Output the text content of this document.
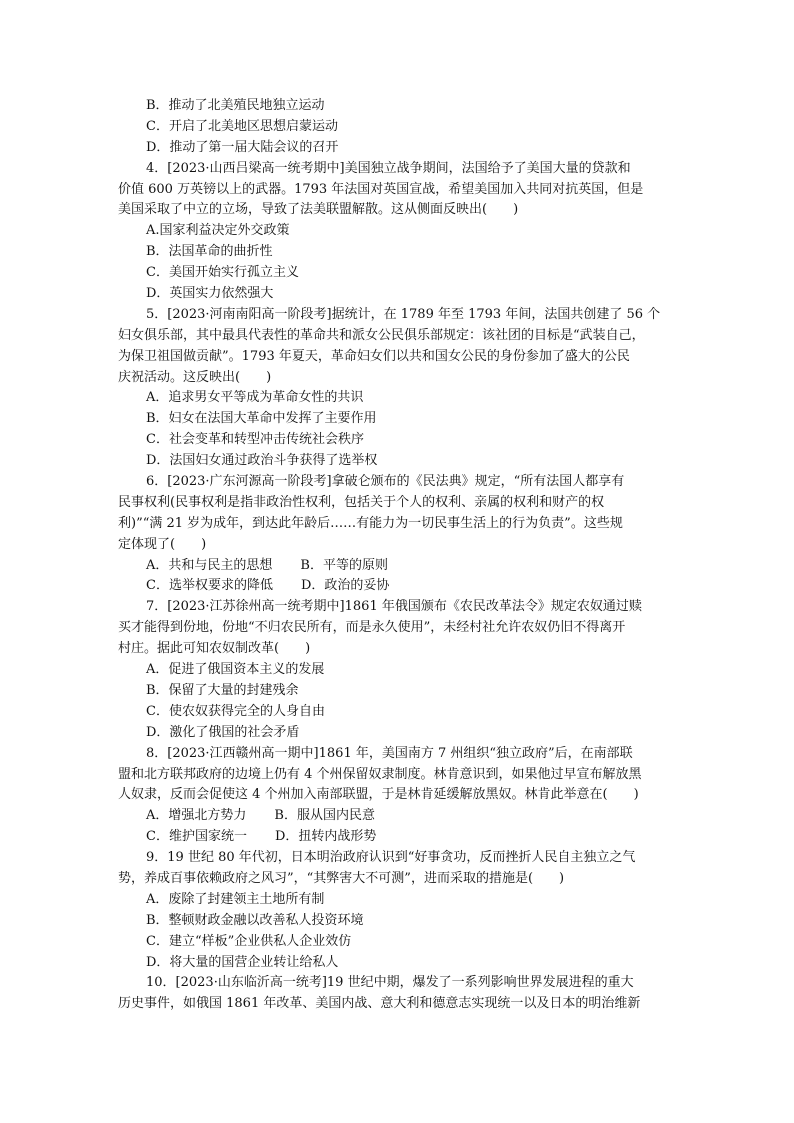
B．推动了北美殖民地独立运动
C．开启了北美地区思想启蒙运动
D．推动了第一届大陆会议的召开
4．[2023·山西吕梁高一统考期中]美国独立战争期间，法国给予了美国大量的贷款和
价值 600 万英镑以上的武器。1793 年法国对英国宣战，希望美国加入共同对抗英国，但是
美国采取了中立的立场，导致了法美联盟解散。这从侧面反映出(　　)
A.国家利益决定外交政策
B．法国革命的曲折性
C．美国开始实行孤立主义
D．英国实力依然强大
5．[2023·河南南阳高一阶段考]据统计，在 1789 年至 1793 年间，法国共创建了 56 个
妇女俱乐部，其中最具代表性的革命共和派女公民俱乐部规定：该社团的目标是“武装自己，
为保卫祖国做贡献”。1793 年夏天，革命妇女们以共和国女公民的身份参加了盛大的公民
庆祝活动。这反映出(　　)
A．追求男女平等成为革命女性的共识
B．妇女在法国大革命中发挥了主要作用
C．社会变革和转型冲击传统社会秩序
D．法国妇女通过政治斗争获得了选举权
6．[2023·广东河源高一阶段考]拿破仑颁布的《民法典》规定，“所有法国人都享有
民事权利(民事权利是指非政治性权利，包括关于个人的权利、亲属的权利和财产的权
利)”“满 21 岁为成年，到达此年龄后……有能力为一切民事生活上的行为负责”。这些规
定体现了(　　)
A．共和与民主的思想 B．平等的原则
C．选举权要求的降低 D．政治的妥协
7．[2023·江苏徐州高一统考期中]1861 年俄国颁布《农民改革法令》规定农奴通过赎
买才能得到份地，份地“不归农民所有，而是永久使用”，未经村社允许农奴仍旧不得离开
村庄。据此可知农奴制改革(　　)
A．促进了俄国资本主义的发展
B．保留了大量的封建残余
C．使农奴获得完全的人身自由
D．激化了俄国的社会矛盾
8．[2023·江西赣州高一期中]1861 年，美国南方 7 州组织“独立政府”后，在南部联
盟和北方联邦政府的边境上仍有 4 个州保留奴隶制度。林肯意识到，如果他过早宣布解放黑
人奴隶，反而会促使这 4 个州加入南部联盟，于是林肯延缓解放黑奴。林肯此举意在(　　)
A．增强北方势力 B．服从国内民意
C．维护国家统一 D．扭转内战形势
9．19 世纪 80 年代初，日本明治政府认识到“好事贪功，反而挫折人民自主独立之气
势，养成百事依赖政府之风习”，“其弊害大不可测”，进而采取的措施是(　　)
A．废除了封建领主土地所有制
B．整顿财政金融以改善私人投资环境
C．建立“样板”企业供私人企业效仿
D．将大量的国营企业转让给私人
10．[2023·山东临沂高一统考]19 世纪中期，爆发了一系列影响世界发展进程的重大
历史事件，如俄国 1861 年改革、美国内战、意大利和德意志实现统一以及日本的明治维新
